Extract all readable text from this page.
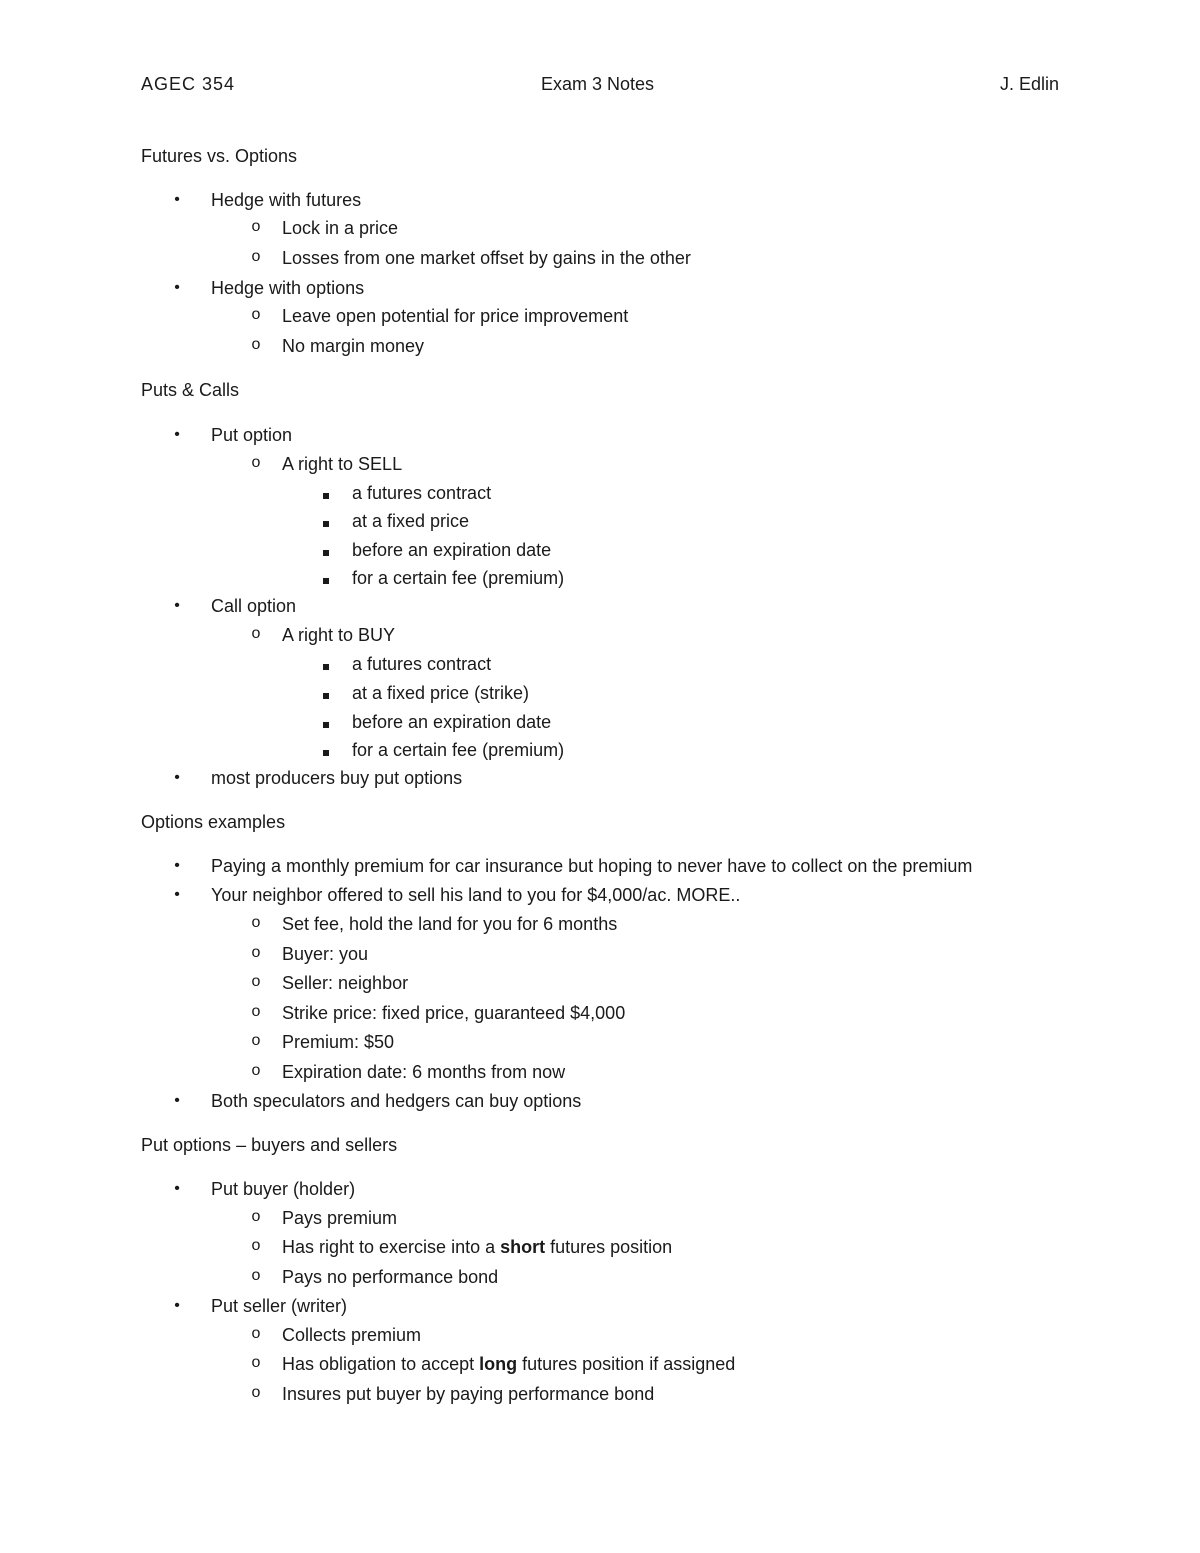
AGEC 354	Exam 3 Notes	J. Edlin
Futures vs. Options
•	Hedge with futures
o	Lock in a price
o	Losses from one market offset by gains in the other
•	Hedge with options
o	Leave open potential for price improvement
o	No margin money
Puts & Calls
•	Put option
o	A right to SELL
a futures contract
at a fixed price
before an expiration date
for a certain fee (premium)
•	Call option
o	A right to BUY
a futures contract
at a fixed price (strike)
before an expiration date
for a certain fee (premium)
•	most producers buy put options
Options examples
•	Paying a monthly premium for car insurance but hoping to never have to collect on the premium
•	Your neighbor offered to sell his land to you for $4,000/ac. MORE..
o	Set fee, hold the land for you for 6 months
o	Buyer: you
o	Seller: neighbor
o	Strike price: fixed price, guaranteed $4,000
o	Premium: $50
o	Expiration date: 6 months from now
•	Both speculators and hedgers can buy options
Put options – buyers and sellers
•	Put buyer (holder)
o	Pays premium
o	Has right to exercise into a short futures position
o	Pays no performance bond
•	Put seller (writer)
o	Collects premium
o	Has obligation to accept long futures position if assigned
o	Insures put buyer by paying performance bond
